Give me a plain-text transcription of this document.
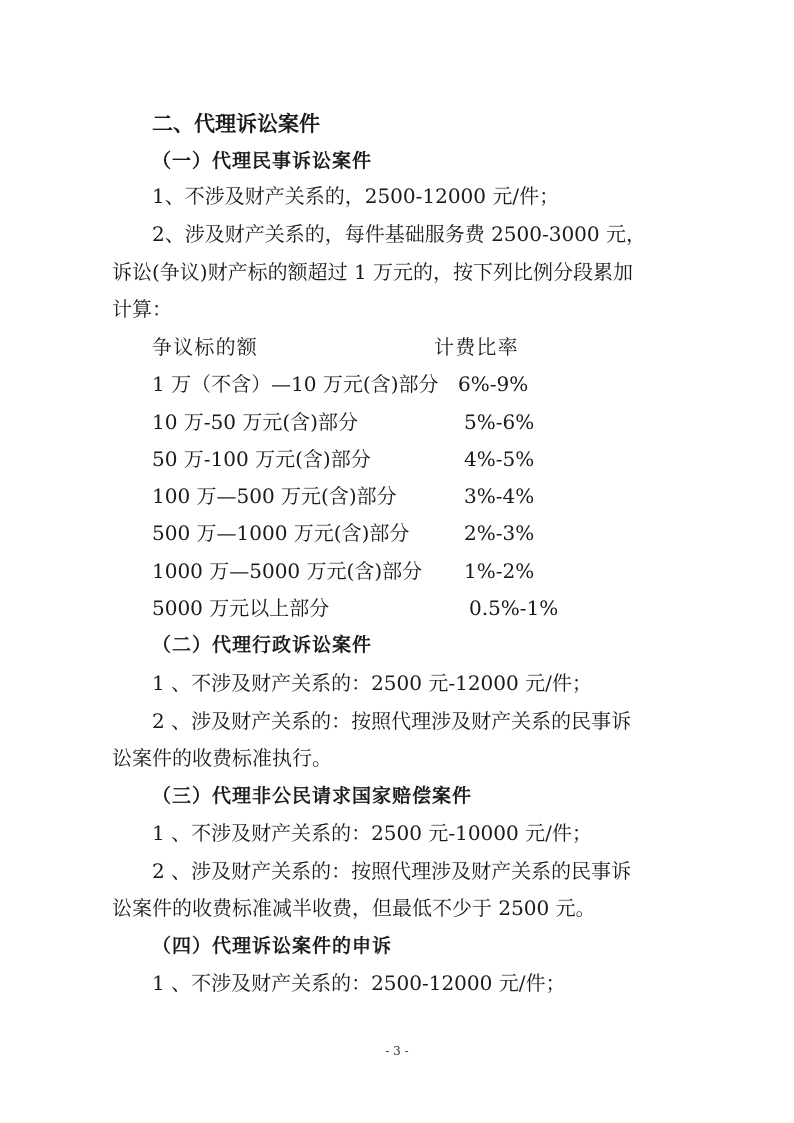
二、代理诉讼案件
（一）代理民事诉讼案件
1、不涉及财产关系的，2500-12000 元/件；
2、涉及财产关系的，每件基础服务费 2500-3000 元，
诉讼(争议)财产标的额超过 1 万元的，按下列比例分段累加
计算：
争议标的额	计费比率
1 万（不含）—10 万元(含)部分 6%-9%
10 万-50 万元(含)部分	5%-6%
50 万-100 万元(含)部分	4%-5%
100 万—500 万元(含)部分	3%-4%
500 万—1000 万元(含)部分	2%-3%
1000 万—5000 万元(含)部分 1%-2%
5000 万元以上部分	0.5%-1%
（二）代理行政诉讼案件
1 、不涉及财产关系的：2500 元-12000 元/件；
2 、涉及财产关系的：按照代理涉及财产关系的民事诉
讼案件的收费标准执行。
（三）代理非公民请求国家赔偿案件
1 、不涉及财产关系的：2500 元-10000 元/件；
2 、涉及财产关系的：按照代理涉及财产关系的民事诉
讼案件的收费标准减半收费，但最低不少于 2500 元。
（四）代理诉讼案件的申诉
1 、不涉及财产关系的：2500-12000 元/件；
- 3 -
